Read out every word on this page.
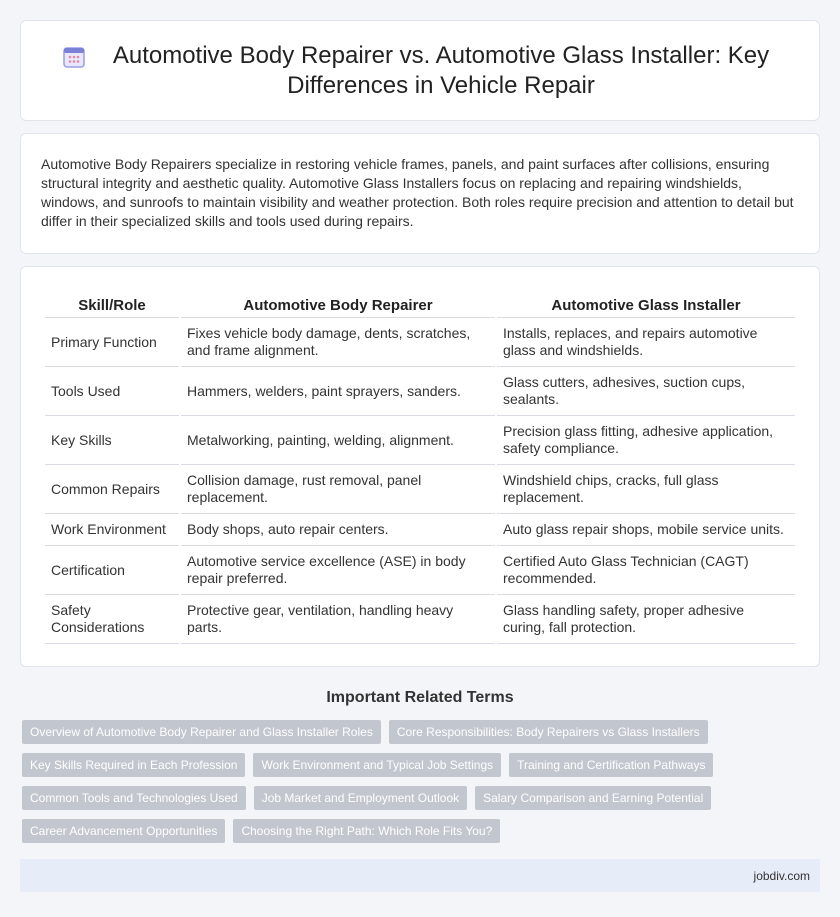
Automotive Body Repairer vs. Automotive Glass Installer: Key Differences in Vehicle Repair

Automotive Body Repairers specialize in restoring vehicle frames, panels, and paint surfaces after collisions, ensuring structural integrity and aesthetic quality. Automotive Glass Installers focus on replacing and repairing windshields, windows, and sunroofs to maintain visibility and weather protection. Both roles require precision and attention to detail but differ in their specialized skills and tools used during repairs.

Skill/Role	Automotive Body Repairer	Automotive Glass Installer
Primary Function	Fixes vehicle body damage, dents, scratches, and frame alignment.	Installs, replaces, and repairs automotive glass and windshields.
Tools Used	Hammers, welders, paint sprayers, sanders.	Glass cutters, adhesives, suction cups, sealants.
Key Skills	Metalworking, painting, welding, alignment.	Precision glass fitting, adhesive application, safety compliance.
Common Repairs	Collision damage, rust removal, panel replacement.	Windshield chips, cracks, full glass replacement.
Work Environment	Body shops, auto repair centers.	Auto glass repair shops, mobile service units.
Certification	Automotive service excellence (ASE) in body repair preferred.	Certified Auto Glass Technician (CAGT) recommended.
Safety Considerations	Protective gear, ventilation, handling heavy parts.	Glass handling safety, proper adhesive curing, fall protection.
Important Related Terms
Overview of Automotive Body Repairer and Glass Installer Roles	Core Responsibilities: Body Repairers vs Glass Installers
Key Skills Required in Each Profession	Work Environment and Typical Job Settings	Training and Certification Pathways
Common Tools and Technologies Used	Job Market and Employment Outlook	Salary Comparison and Earning Potential
Career Advancement Opportunities	Choosing the Right Path: Which Role Fits You?
jobdiv.com
